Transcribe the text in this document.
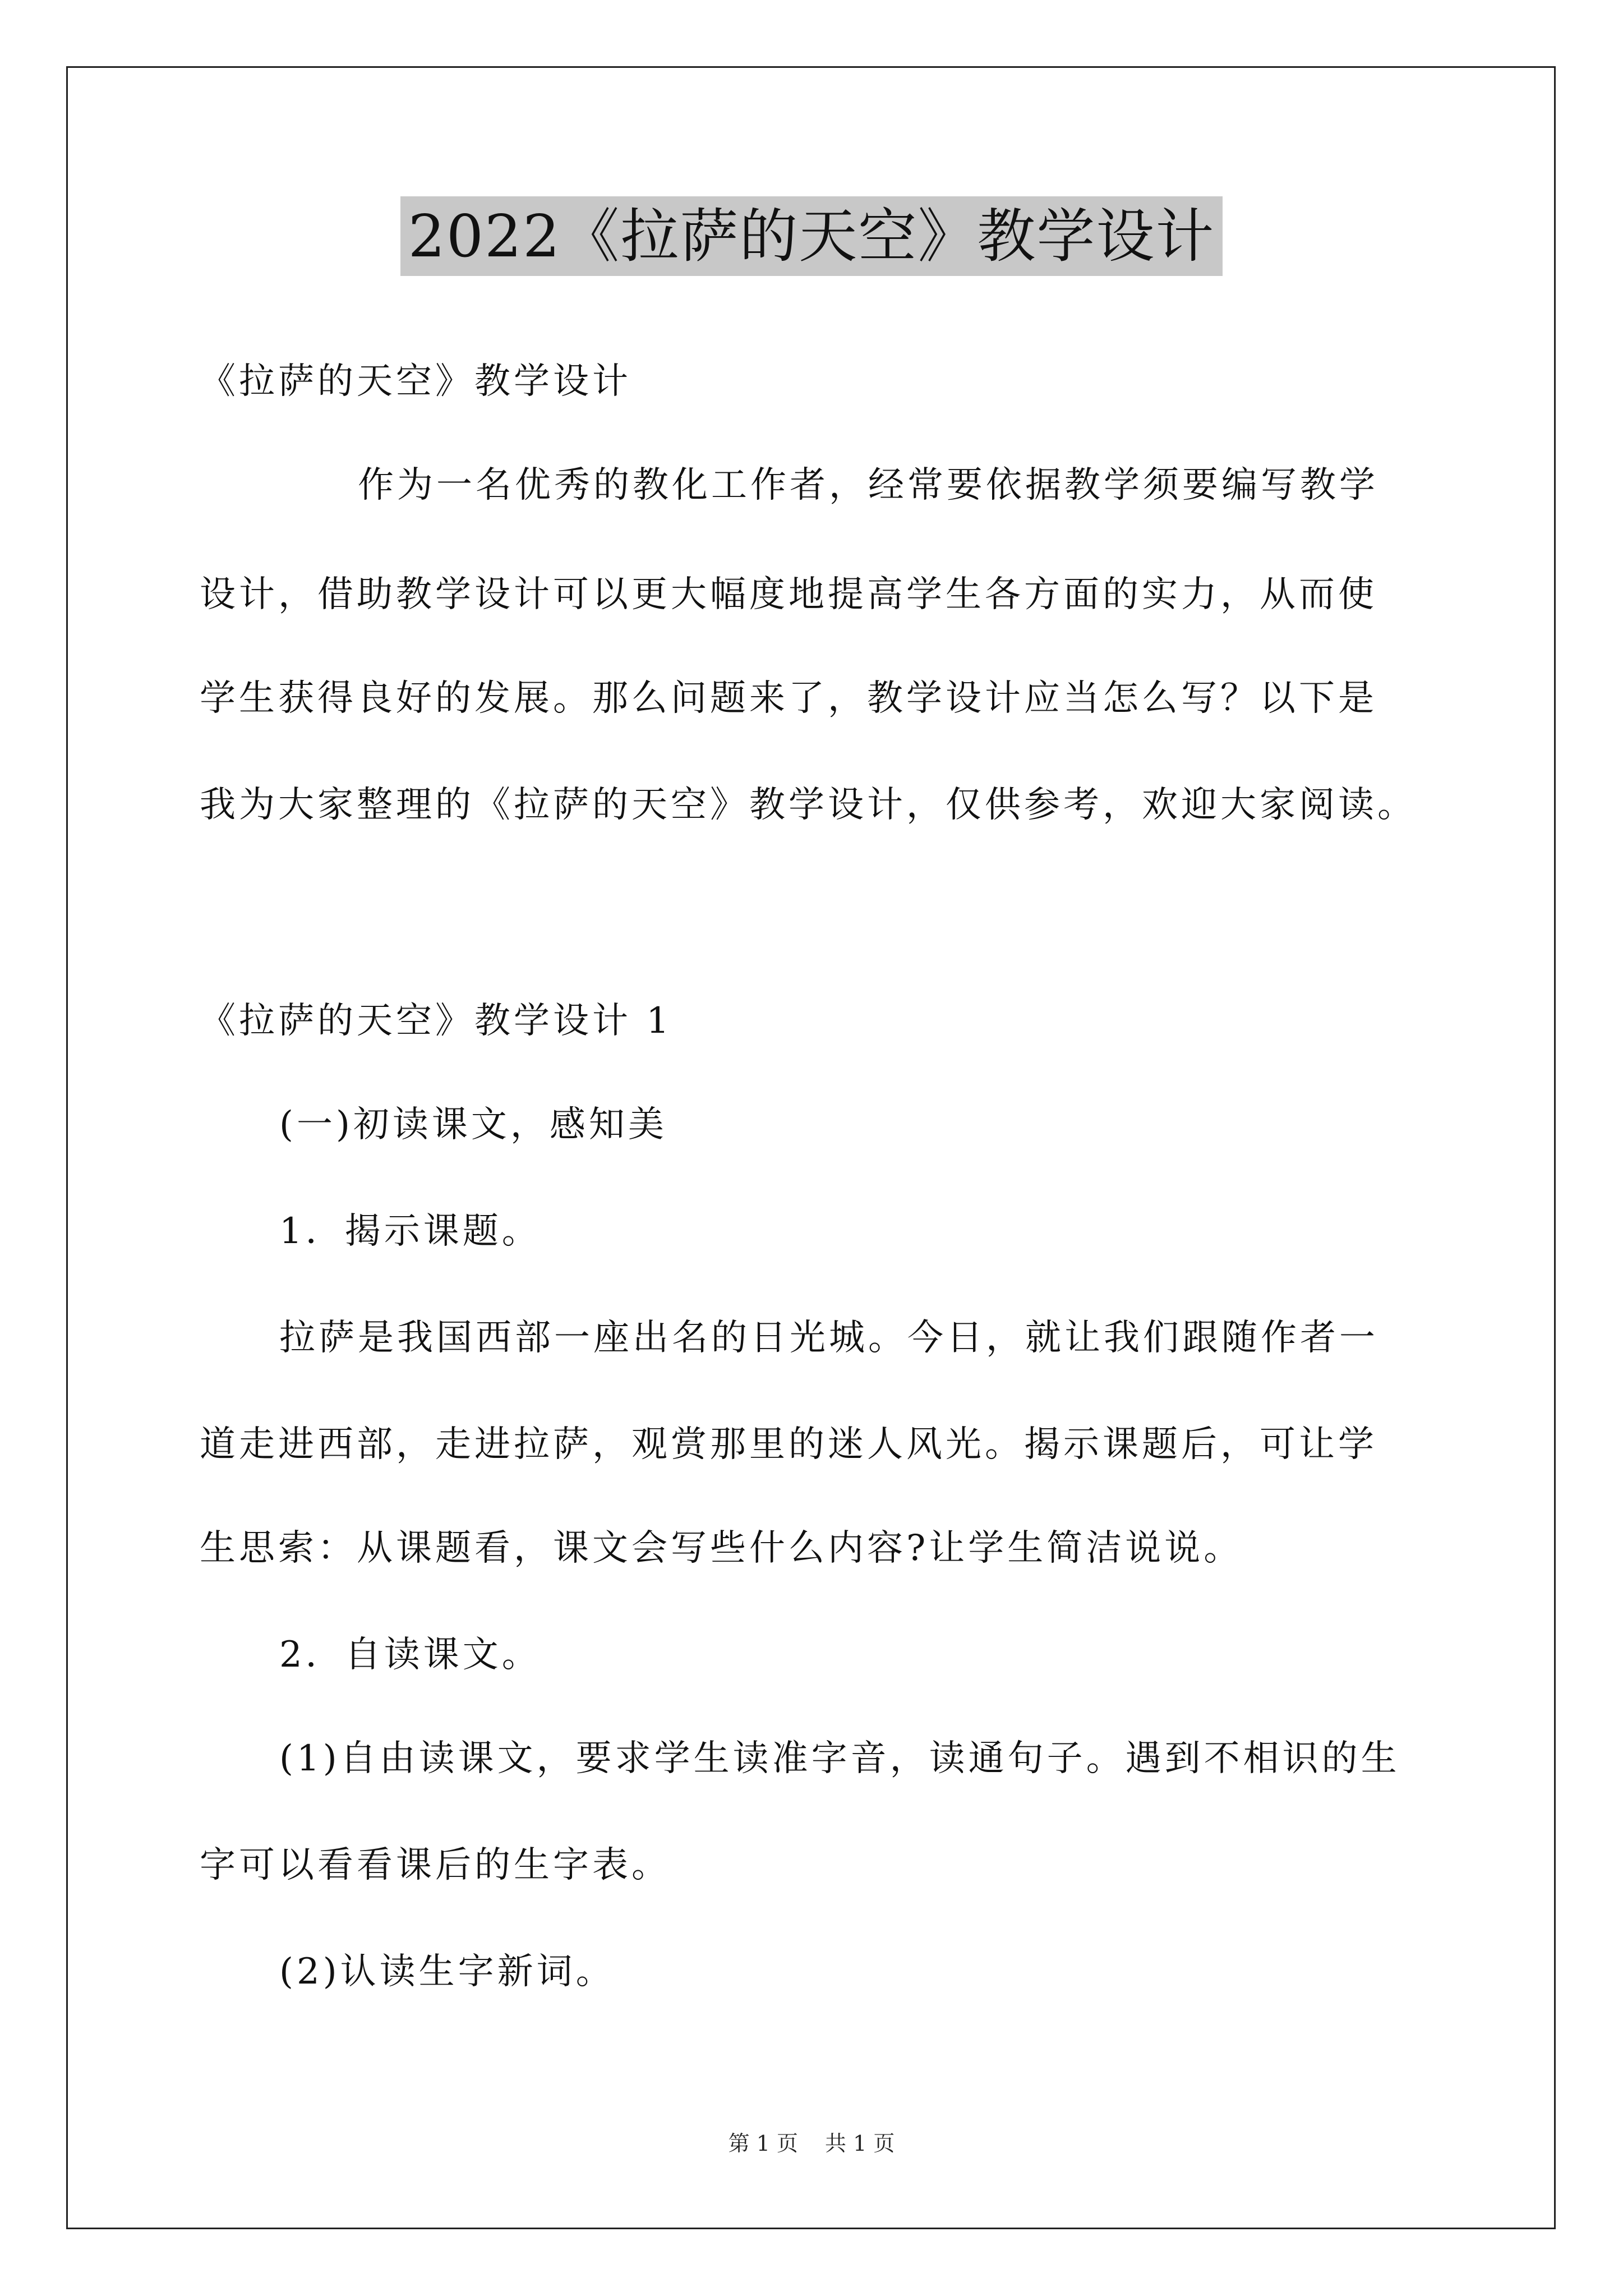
2022《拉萨的天空》教学设计
《拉萨的天空》教学设计
作为一名优秀的教化工作者，经常要依据教学须要编写教学
设计，借助教学设计可以更大幅度地提高学生各方面的实力，从而使
学生获得良好的发展。那么问题来了，教学设计应当怎么写？以下是
我为大家整理的《拉萨的天空》教学设计，仅供参考，欢迎大家阅读。
《拉萨的天空》教学设计 1
(一)初读课文，感知美
1．揭示课题。
拉萨是我国西部一座出名的日光城。今日，就让我们跟随作者一
道走进西部，走进拉萨，观赏那里的迷人风光。揭示课题后，可让学
生思索：从课题看，课文会写些什么内容?让学生简洁说说。
2．自读课文。
(1)自由读课文，要求学生读准字音，读通句子。遇到不相识的生
字可以看看课后的生字表。
(2)认读生字新词。
第 1 页 共 1 页
